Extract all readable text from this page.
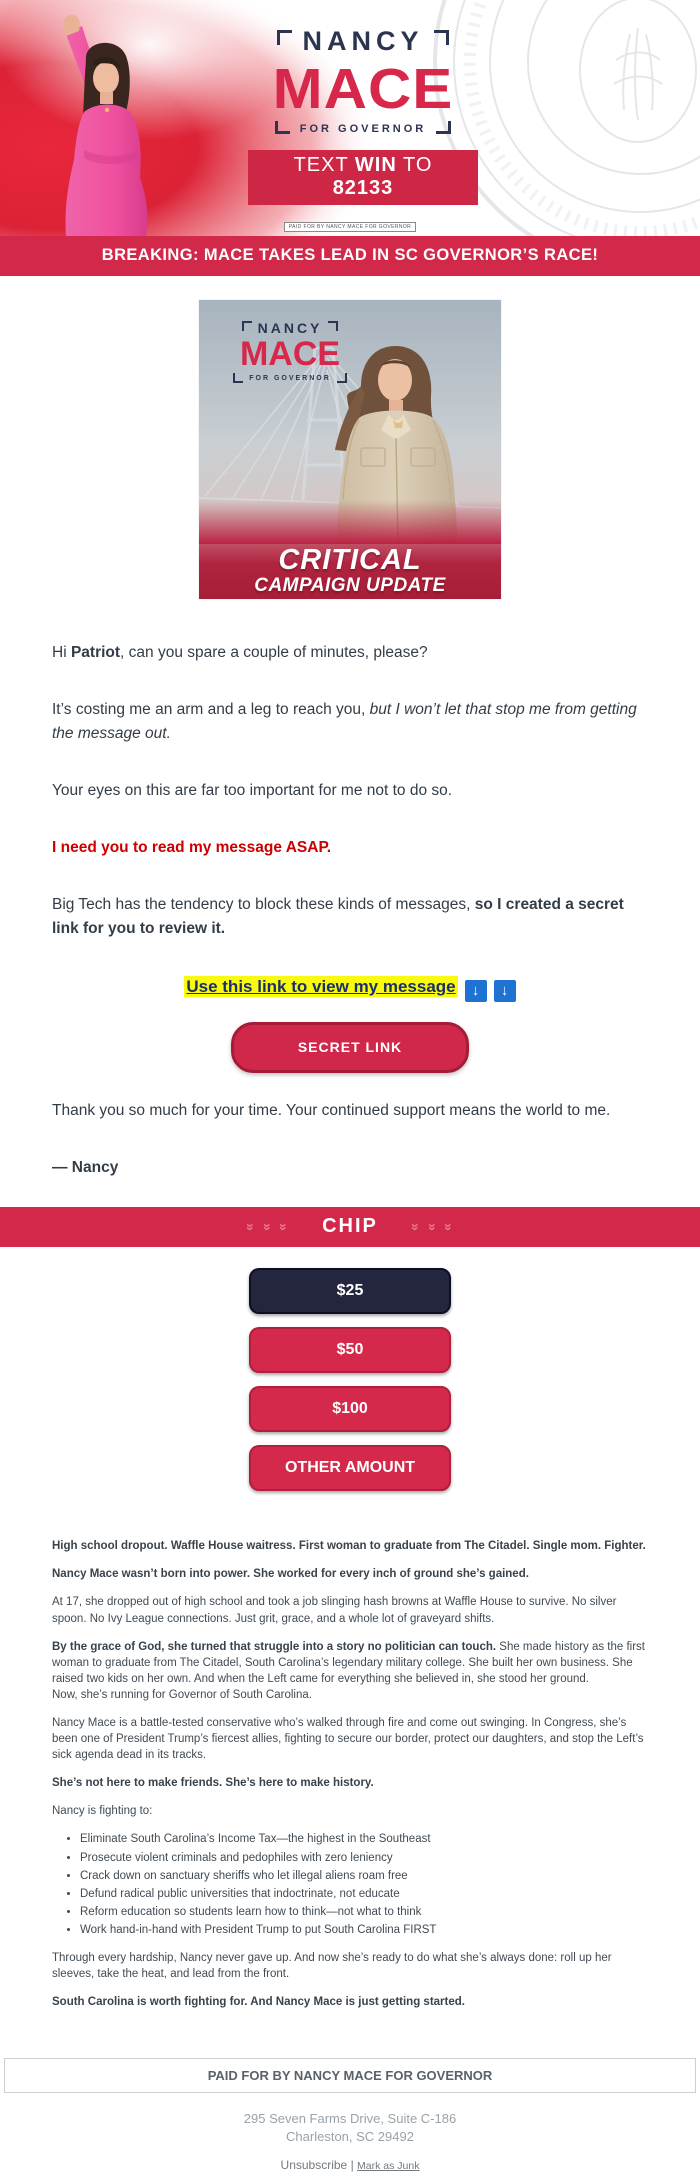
NANCY
MACE
FOR GOVERNOR
TEXT WIN TO 82133
PAID FOR BY NANCY MACE FOR GOVERNOR
BREAKING: MACE TAKES LEAD IN SC GOVERNOR’S RACE!
NANCY
MACE
FOR GOVERNOR
CRITICAL
CAMPAIGN UPDATE

Hi Patriot, can you spare a couple of minutes, please?

It’s costing me an arm and a leg to reach you, but I won’t let that stop me from getting the message out.

Your eyes on this are far too important for me not to do so.

I need you to read my message ASAP.

Big Tech has the tendency to block these kinds of messages, so I created a secret link for you to review it.

Use this link to view my message ↓ ↓
SECRET LINK

Thank you so much for your time. Your continued support means the world to me.

— Nancy

» » » CHIP » » »
$25
$50
$100
OTHER AMOUNT

High school dropout. Waffle House waitress. First woman to graduate from The Citadel. Single mom. Fighter.

Nancy Mace wasn’t born into power. She worked for every inch of ground she’s gained.

At 17, she dropped out of high school and took a job slinging hash browns at Waffle House to survive. No silver spoon. No Ivy League connections. Just grit, grace, and a whole lot of graveyard shifts.

By the grace of God, she turned that struggle into a story no politician can touch. She made history as the first woman to graduate from The Citadel, South Carolina’s legendary military college. She built her own business. She raised two kids on her own. And when the Left came for everything she believed in, she stood her ground.
Now, she’s running for Governor of South Carolina.

Nancy Mace is a battle-tested conservative who’s walked through fire and come out swinging. In Congress, she’s been one of President Trump’s fiercest allies, fighting to secure our border, protect our daughters, and stop the Left’s sick agenda dead in its tracks.

She’s not here to make friends. She’s here to make history.

Nancy is fighting to:

• Eliminate South Carolina’s Income Tax—the highest in the Southeast
• Prosecute violent criminals and pedophiles with zero leniency
• Crack down on sanctuary sheriffs who let illegal aliens roam free
• Defund radical public universities that indoctrinate, not educate
• Reform education so students learn how to think—not what to think
• Work hand-in-hand with President Trump to put South Carolina FIRST

Through every hardship, Nancy never gave up. And now she’s ready to do what she’s always done: roll up her sleeves, take the heat, and lead from the front.

South Carolina is worth fighting for. And Nancy Mace is just getting started.

PAID FOR BY NANCY MACE FOR GOVERNOR
295 Seven Farms Drive, Suite C-186
Charleston, SC 29492
Unsubscribe | Mark as Junk
